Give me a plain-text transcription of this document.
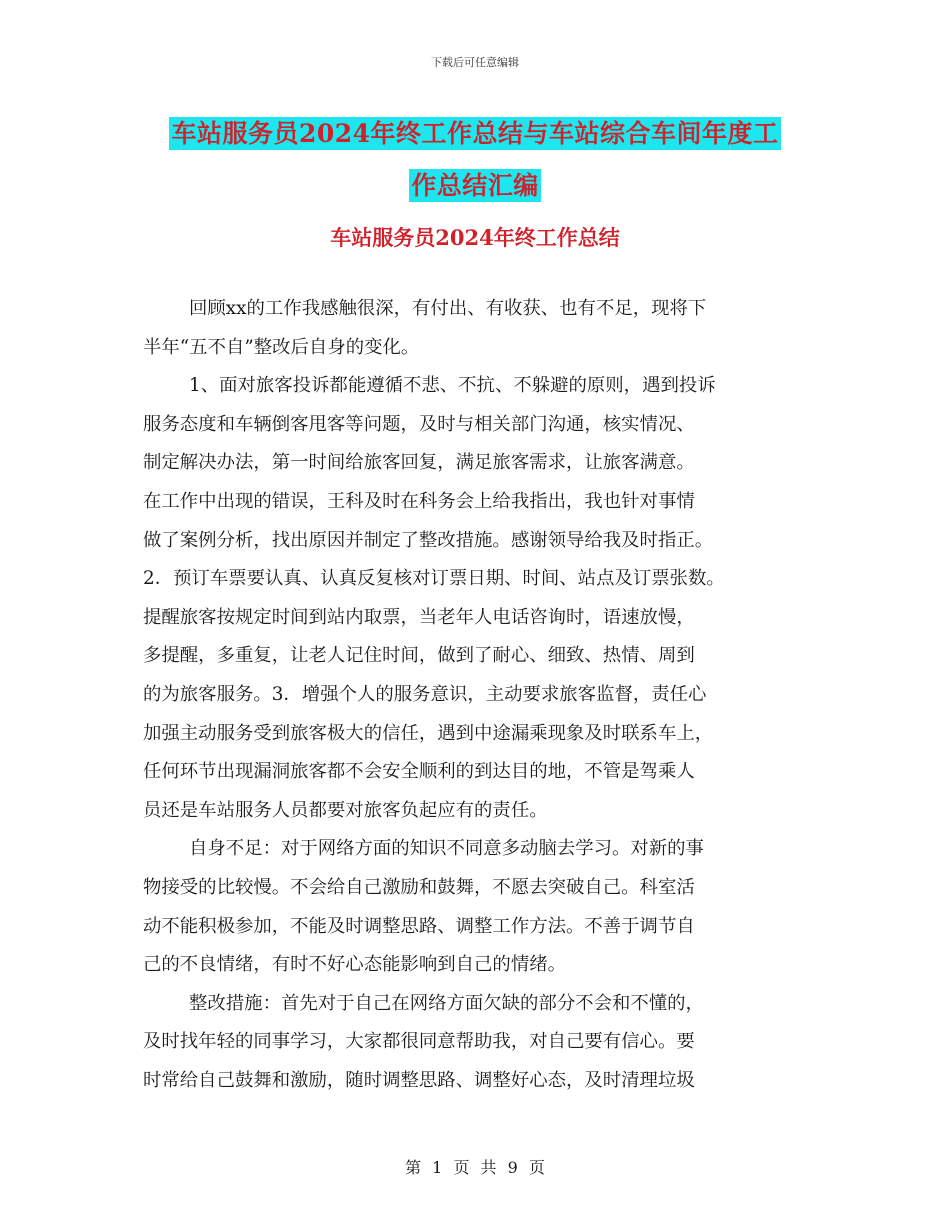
下载后可任意编辑
车站服务员2024年终工作总结与车站综合车间年度工
作总结汇编
车站服务员2024年终工作总结
回顾xx的工作我感触很深，有付出、有收获、也有不足，现将下
半年“五不自”整改后自身的变化。
1、面对旅客投诉都能遵循不悲、不抗、不躲避的原则，遇到投诉
服务态度和车辆倒客甩客等问题，及时与相关部门沟通，核实情况、
制定解决办法，第一时间给旅客回复，满足旅客需求，让旅客满意。
在工作中出现的错误，王科及时在科务会上给我指出，我也针对事情
做了案例分析，找出原因并制定了整改措施。感谢领导给我及时指正。
2．预订车票要认真、认真反复核对订票日期、时间、站点及订票张数。
提醒旅客按规定时间到站内取票，当老年人电话咨询时，语速放慢，
多提醒，多重复，让老人记住时间，做到了耐心、细致、热情、周到
的为旅客服务。3．增强个人的服务意识，主动要求旅客监督，责任心
加强主动服务受到旅客极大的信任，遇到中途漏乘现象及时联系车上，
任何环节出现漏洞旅客都不会安全顺利的到达目的地，不管是驾乘人
员还是车站服务人员都要对旅客负起应有的责任。
自身不足：对于网络方面的知识不同意多动脑去学习。对新的事
物接受的比较慢。不会给自己激励和鼓舞，不愿去突破自己。科室活
动不能积极参加，不能及时调整思路、调整工作方法。不善于调节自
己的不良情绪，有时不好心态能影响到自己的情绪。
整改措施：首先对于自己在网络方面欠缺的部分不会和不懂的，
及时找年轻的同事学习，大家都很同意帮助我，对自己要有信心。要
时常给自己鼓舞和激励，随时调整思路、调整好心态，及时清理垃圾
第 1 页 共 9 页
